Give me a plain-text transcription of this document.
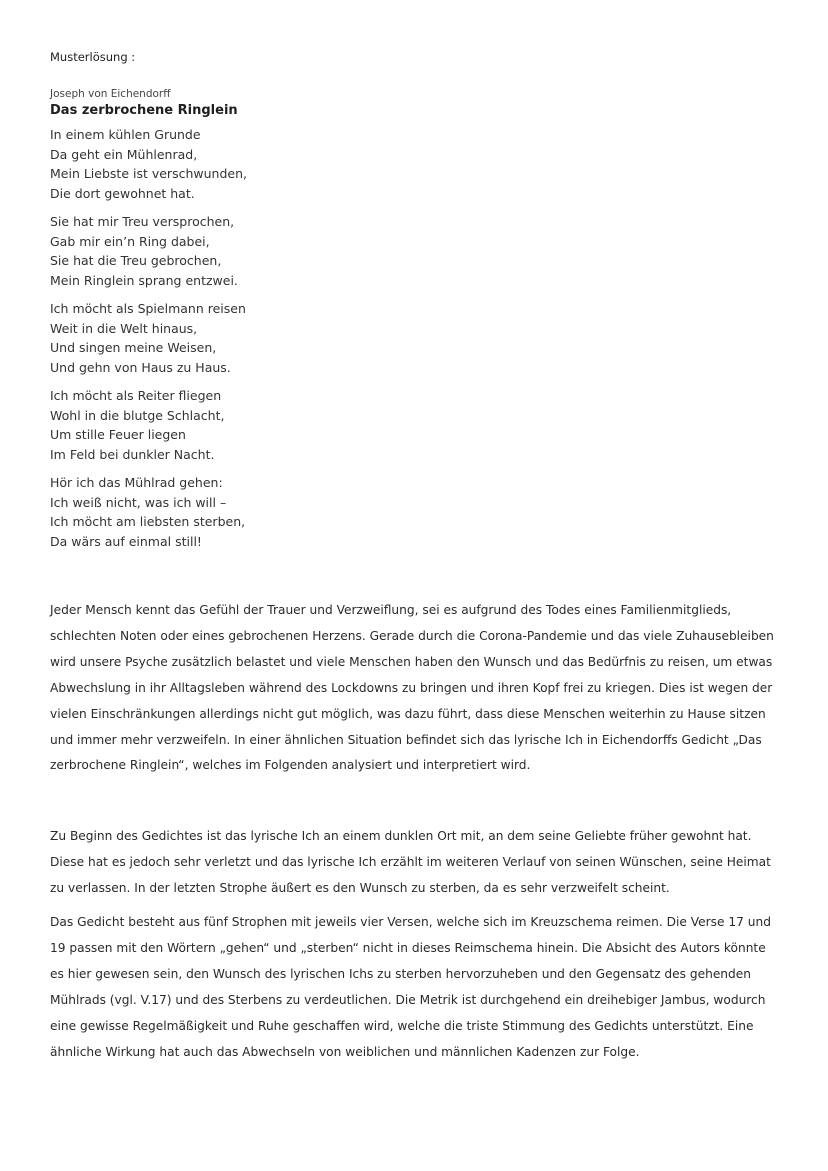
Musterlösung :
Joseph von Eichendorff
Das zerbrochene Ringlein
In einem kühlen Grunde
Da geht ein Mühlenrad,
Mein Liebste ist verschwunden,
Die dort gewohnet hat.
Sie hat mir Treu versprochen,
Gab mir ein’n Ring dabei,
Sie hat die Treu gebrochen,
Mein Ringlein sprang entzwei.
Ich möcht als Spielmann reisen
Weit in die Welt hinaus,
Und singen meine Weisen,
Und gehn von Haus zu Haus.
Ich möcht als Reiter fliegen
Wohl in die blutge Schlacht,
Um stille Feuer liegen
Im Feld bei dunkler Nacht.
Hör ich das Mühlrad gehen:
Ich weiß nicht, was ich will –
Ich möcht am liebsten sterben,
Da wärs auf einmal still!

Jeder Mensch kennt das Gefühl der Trauer und Verzweiflung, sei es aufgrund des Todes eines Familienmitglieds, schlechten Noten oder eines gebrochenen Herzens. Gerade durch die Corona-Pandemie und das viele Zuhausebleiben wird unsere Psyche zusätzlich belastet und viele Menschen haben den Wunsch und das Bedürfnis zu reisen, um etwas Abwechslung in ihr Alltagsleben während des Lockdowns zu bringen und ihren Kopf frei zu kriegen. Dies ist wegen der vielen Einschränkungen allerdings nicht gut möglich, was dazu führt, dass diese Menschen weiterhin zu Hause sitzen und immer mehr verzweifeln. In einer ähnlichen Situation befindet sich das lyrische Ich in Eichendorffs Gedicht „Das zerbrochene Ringlein“, welches im Folgenden analysiert und interpretiert wird.

Zu Beginn des Gedichtes ist das lyrische Ich an einem dunklen Ort mit, an dem seine Geliebte früher gewohnt hat. Diese hat es jedoch sehr verletzt und das lyrische Ich erzählt im weiteren Verlauf von seinen Wünschen, seine Heimat zu verlassen. In der letzten Strophe äußert es den Wunsch zu sterben, da es sehr verzweifelt scheint.

Das Gedicht besteht aus fünf Strophen mit jeweils vier Versen, welche sich im Kreuzschema reimen. Die Verse 17 und 19 passen mit den Wörtern „gehen“ und „sterben“ nicht in dieses Reimschema hinein. Die Absicht des Autors könnte es hier gewesen sein, den Wunsch des lyrischen Ichs zu sterben hervorzuheben und den Gegensatz des gehenden Mühlrads (vgl. V.17) und des Sterbens zu verdeutlichen. Die Metrik ist durchgehend ein dreihebiger Jambus, wodurch eine gewisse Regelmäßigkeit und Ruhe geschaffen wird, welche die triste Stimmung des Gedichts unterstützt. Eine ähnliche Wirkung hat auch das Abwechseln von weiblichen und männlichen Kadenzen zur Folge.
